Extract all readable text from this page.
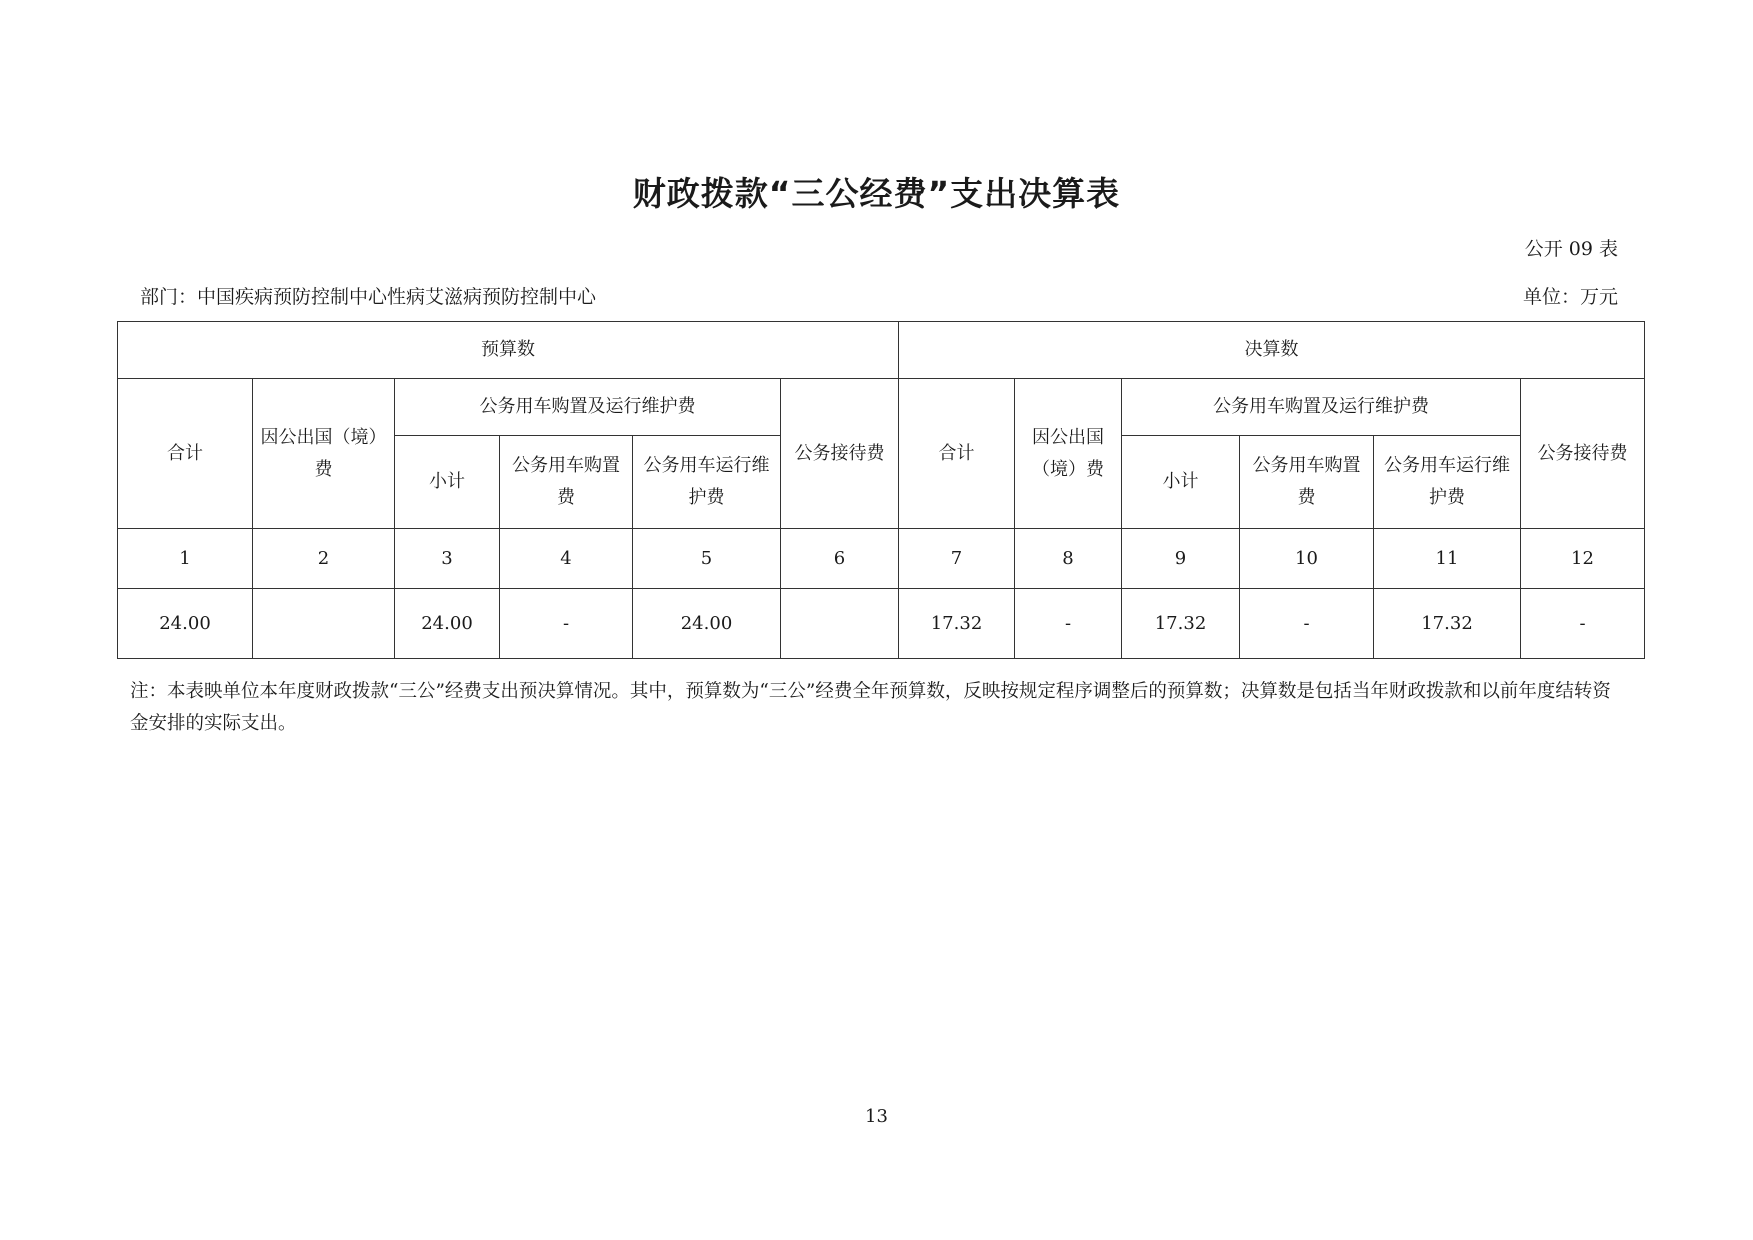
财政拨款“三公经费”支出决算表
公开 09 表
部门：中国疾病预防控制中心性病艾滋病预防控制中心	单位：万元
预算数						决算数					
合计	因公出国（境）费	公务用车购置及运行维护费			公务接待费	合计	因公出国（境）费	公务用车购置及运行维护费			公务接待费
		小计	公务用车购置费	公务用车运行维护费				小计	公务用车购置费	公务用车运行维护费	
1	2	3	4	5	6	7	8	9	10	11	12
24.00		24.00	-	24.00		17.32	-	17.32	-	17.32	-
注：本表映单位本年度财政拨款“三公”经费支出预决算情况。其中，预算数为“三公”经费全年预算数，反映按规定程序调整后的预算数；决算数是包括当年财政拨款和以前年度结转资金安排的实际支出。
13
